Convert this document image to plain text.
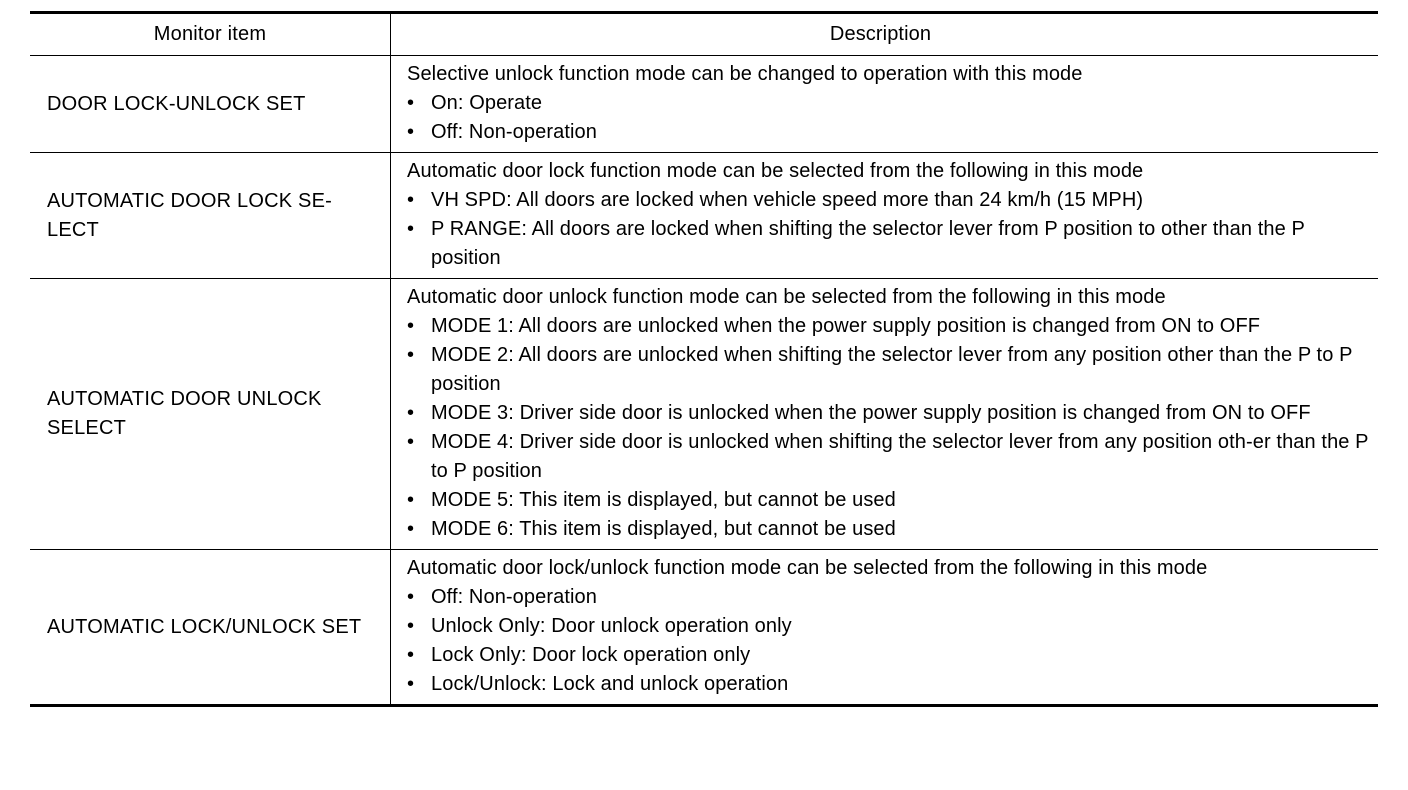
Monitor item	Description
DOOR LOCK-UNLOCK SET
Selective unlock function mode can be changed to operation with this mode
• On: Operate
• Off: Non-operation
AUTOMATIC DOOR LOCK SE-LECT
Automatic door lock function mode can be selected from the following in this mode
• VH SPD: All doors are locked when vehicle speed more than 24 km/h (15 MPH)
• P RANGE: All doors are locked when shifting the selector lever from P position to other than the P position
AUTOMATIC DOOR UNLOCK SELECT
Automatic door unlock function mode can be selected from the following in this mode
• MODE 1: All doors are unlocked when the power supply position is changed from ON to OFF
• MODE 2: All doors are unlocked when shifting the selector lever from any position other than the P to P position
• MODE 3: Driver side door is unlocked when the power supply position is changed from ON to OFF
• MODE 4: Driver side door is unlocked when shifting the selector lever from any position oth-er than the P to P position
• MODE 5: This item is displayed, but cannot be used
• MODE 6: This item is displayed, but cannot be used
AUTOMATIC LOCK/UNLOCK SET
Automatic door lock/unlock function mode can be selected from the following in this mode
• Off: Non-operation
• Unlock Only: Door unlock operation only
• Lock Only: Door lock operation only
• Lock/Unlock: Lock and unlock operation
